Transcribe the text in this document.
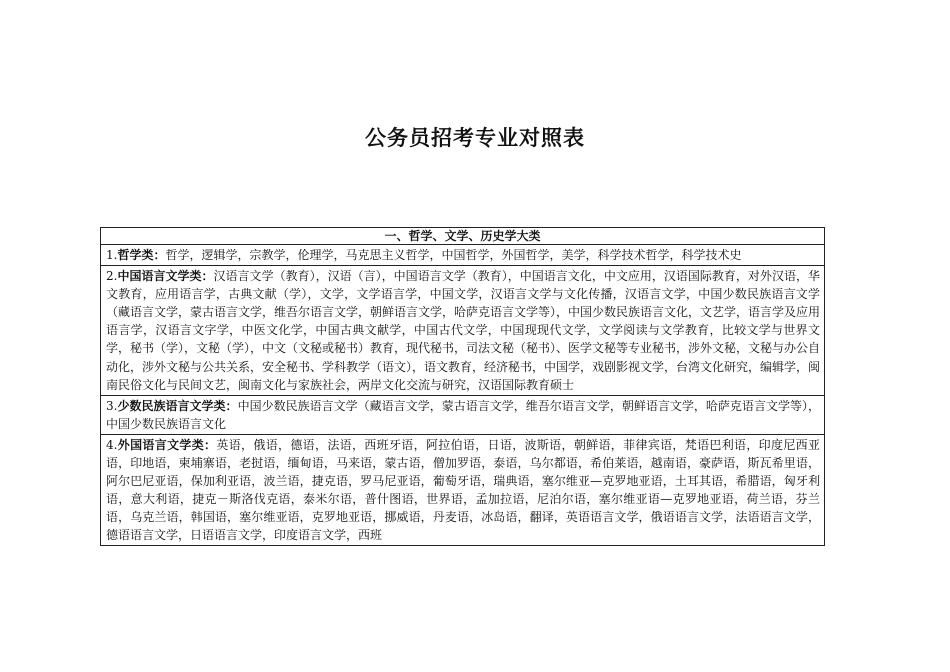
公务员招考专业对照表
一、哲学、文学、历史学大类
1.哲学类：哲学，逻辑学，宗教学，伦理学，马克思主义哲学，中国哲学，外国哲学，美学，科学技术哲学，科学技术史
2.中国语言文学类：汉语言文学（教育），汉语（言），中国语言文学（教育），中国语言文化，中文应用，汉语国际教育，对外汉语，华文教育，应用语言学，古典文献（学），文学，文学语言学，中国文学，汉语言文学与文化传播，汉语言文学，中国少数民族语言文学（藏语言文学，蒙古语言文学，维吾尔语言文学，朝鲜语言文学，哈萨克语言文学等），中国少数民族语言文化，文艺学，语言学及应用语言学，汉语言文字学，中医文化学，中国古典文献学，中国古代文学，中国现现代文学，文学阅读与文学教育，比较文学与世界文学，秘书（学），文秘（学），中文（文秘或秘书）教育，现代秘书，司法文秘（秘书）、医学文秘等专业秘书，涉外文秘，文秘与办公自动化，涉外文秘与公共关系，安全秘书、学科教学（语文），语文教育，经济秘书，中国学，戏剧影视文学，台湾文化研究，编辑学，闽南民俗文化与民间文艺，闽南文化与家族社会，两岸文化交流与研究，汉语国际教育硕士
3.少数民族语言文学类：中国少数民族语言文学（藏语言文学，蒙古语言文学，维吾尔语言文学，朝鲜语言文学，哈萨克语言文学等），中国少数民族语言文化
4.外国语言文学类：英语，俄语，德语，法语，西班牙语，阿拉伯语，日语，波斯语，朝鲜语，菲律宾语，梵语巴利语，印度尼西亚语，印地语，柬埔寨语，老挝语，缅甸语，马来语，蒙古语，僧加罗语，泰语，乌尔都语，希伯莱语，越南语，豪萨语，斯瓦希里语，阿尔巴尼亚语，保加利亚语，波兰语，捷克语，罗马尼亚语，葡萄牙语，瑞典语，塞尔维亚—克罗地亚语，土耳其语，希腊语，匈牙利语，意大利语，捷克－斯洛伐克语，泰米尔语，普什图语，世界语，孟加拉语，尼泊尔语，塞尔维亚语—克罗地亚语，荷兰语，芬兰语，乌克兰语，韩国语，塞尔维亚语，克罗地亚语，挪威语，丹麦语，冰岛语，翻译，英语语言文学，俄语语言文学，法语语言文学，德语语言文学，日语语言文学，印度语言文学，西班
